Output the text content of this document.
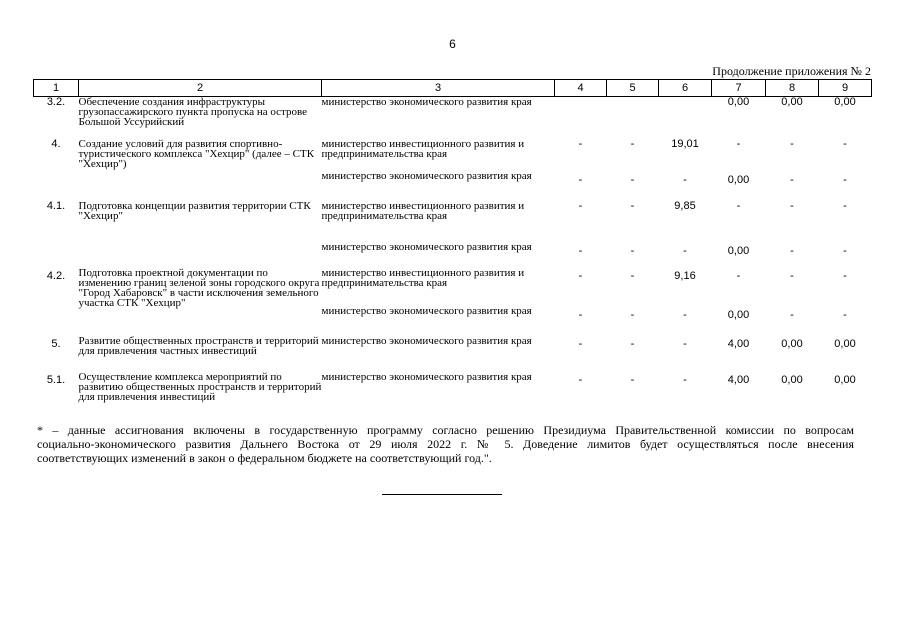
6
Продолжение приложения № 2
1	2	3	4	5	6	7	8	9
3.2.	Обеспечение создания инфраструктуры грузопассажирского пункта пропуска на острове Большой Уссурийский	министерство экономического развития края				0,00	0,00	0,00
4.	Создание условий для развития спортивно-туристического комплекса "Хехцир" (далее – СТК "Хехцир")	министерство инвестиционного развития и предпринимательства края	-	-	19,01	-	-	-
		министерство экономического развития края	-	-	-	0,00	-	-
4.1.	Подготовка концепции развития территории СТК "Хехцир"	министерство инвестиционного развития и предпринимательства края	-	-	9,85	-	-	-
		министерство экономического развития края	-	-	-	0,00	-	-
4.2.	Подготовка проектной документации по изменению границ зеленой зоны городского округа "Город Хабаровск" в части исключения земельного участка СТК "Хехцир"	министерство инвестиционного развития и предпринимательства края	-	-	9,16	-	-	-
		министерство экономического развития края	-	-	-	0,00	-	-
5.	Развитие общественных пространств и территорий для привлечения частных инвестиций	министерство экономического развития края	-	-	-	4,00	0,00	0,00
5.1.	Осуществление комплекса мероприятий по развитию общественных пространств и территорий для привлечения инвестиций	министерство экономического развития края	-	-	-	4,00	0,00	0,00
* – данные ассигнования включены в государственную программу согласно решению Президиума Правительственной комиссии по вопросам
социально-экономического развития Дальнего Востока от 29 июля 2022 г. № 5. Доведение лимитов будет осуществляться после внесения
соответствующих изменений в закон о федеральном бюджете на соответствующий год.".
